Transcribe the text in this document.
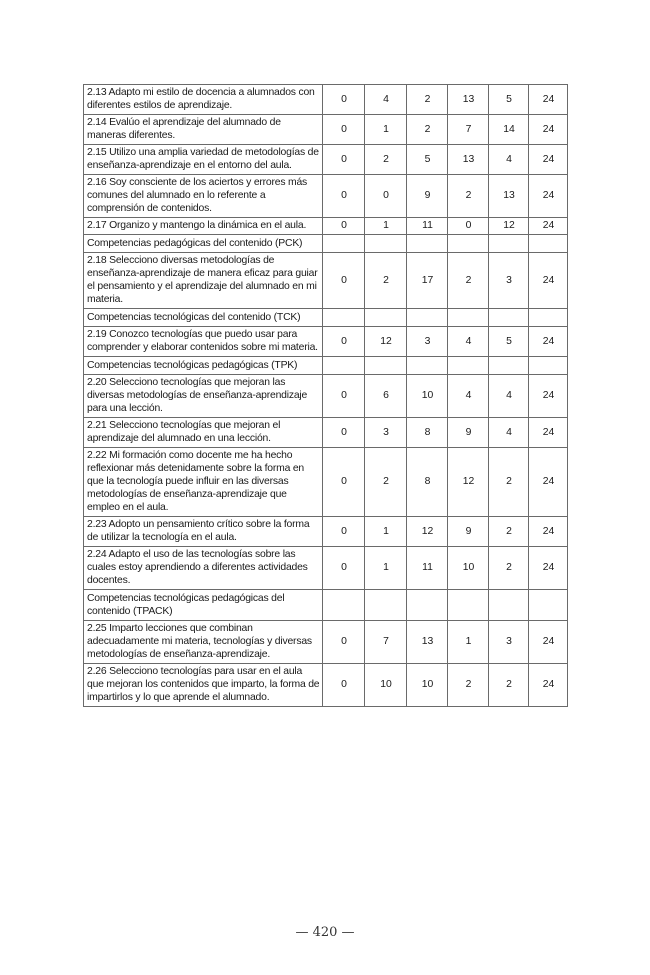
2.13 Adapto mi estilo de docencia a alumnados con diferentes estilos de aprendizaje.	0	4	2	13	5	24
2.14 Evalúo el aprendizaje del alumnado de maneras diferentes.	0	1	2	7	14	24
2.15 Utilizo una amplia variedad de metodologías de enseñanza-aprendizaje en el entorno del aula.	0	2	5	13	4	24
2.16 Soy consciente de los aciertos y errores más comunes del alumnado en lo referente a comprensión de contenidos.	0	0	9	2	13	24
2.17 Organizo y mantengo la dinámica en el aula.	0	1	11	0	12	24
Competencias pedagógicas del contenido (PCK)						
2.18 Selecciono diversas metodologías de enseñanza-aprendizaje de manera eficaz para guiar el pensamiento y el aprendizaje del alumnado en mi materia.	0	2	17	2	3	24
Competencias tecnológicas del contenido (TCK)						
2.19 Conozco tecnologías que puedo usar para comprender y elaborar contenidos sobre mi materia.	0	12	3	4	5	24
Competencias tecnológicas pedagógicas (TPK)						
2.20 Selecciono tecnologías que mejoran las diversas metodologías de enseñanza-aprendizaje para una lección.	0	6	10	4	4	24
2.21 Selecciono tecnologías que mejoran el aprendizaje del alumnado en una lección.	0	3	8	9	4	24
2.22 Mi formación como docente me ha hecho reflexionar más detenidamente sobre la forma en que la tecnología puede influir en las diversas metodologías de enseñanza-aprendizaje que empleo en el aula.	0	2	8	12	2	24
2.23 Adopto un pensamiento crítico sobre la forma de utilizar la tecnología en el aula.	0	1	12	9	2	24
2.24 Adapto el uso de las tecnologías sobre las cuales estoy aprendiendo a diferentes actividades docentes.	0	1	11	10	2	24
Competencias tecnológicas pedagógicas del contenido (TPACK)						
2.25 Imparto lecciones que combinan adecuadamente mi materia, tecnologías y diversas metodologías de enseñanza-aprendizaje.	0	7	13	1	3	24
2.26 Selecciono tecnologías para usar en el aula que mejoran los contenidos que imparto, la forma de impartirlos y lo que aprende el alumnado.	0	10	10	2	2	24
— 420 —
